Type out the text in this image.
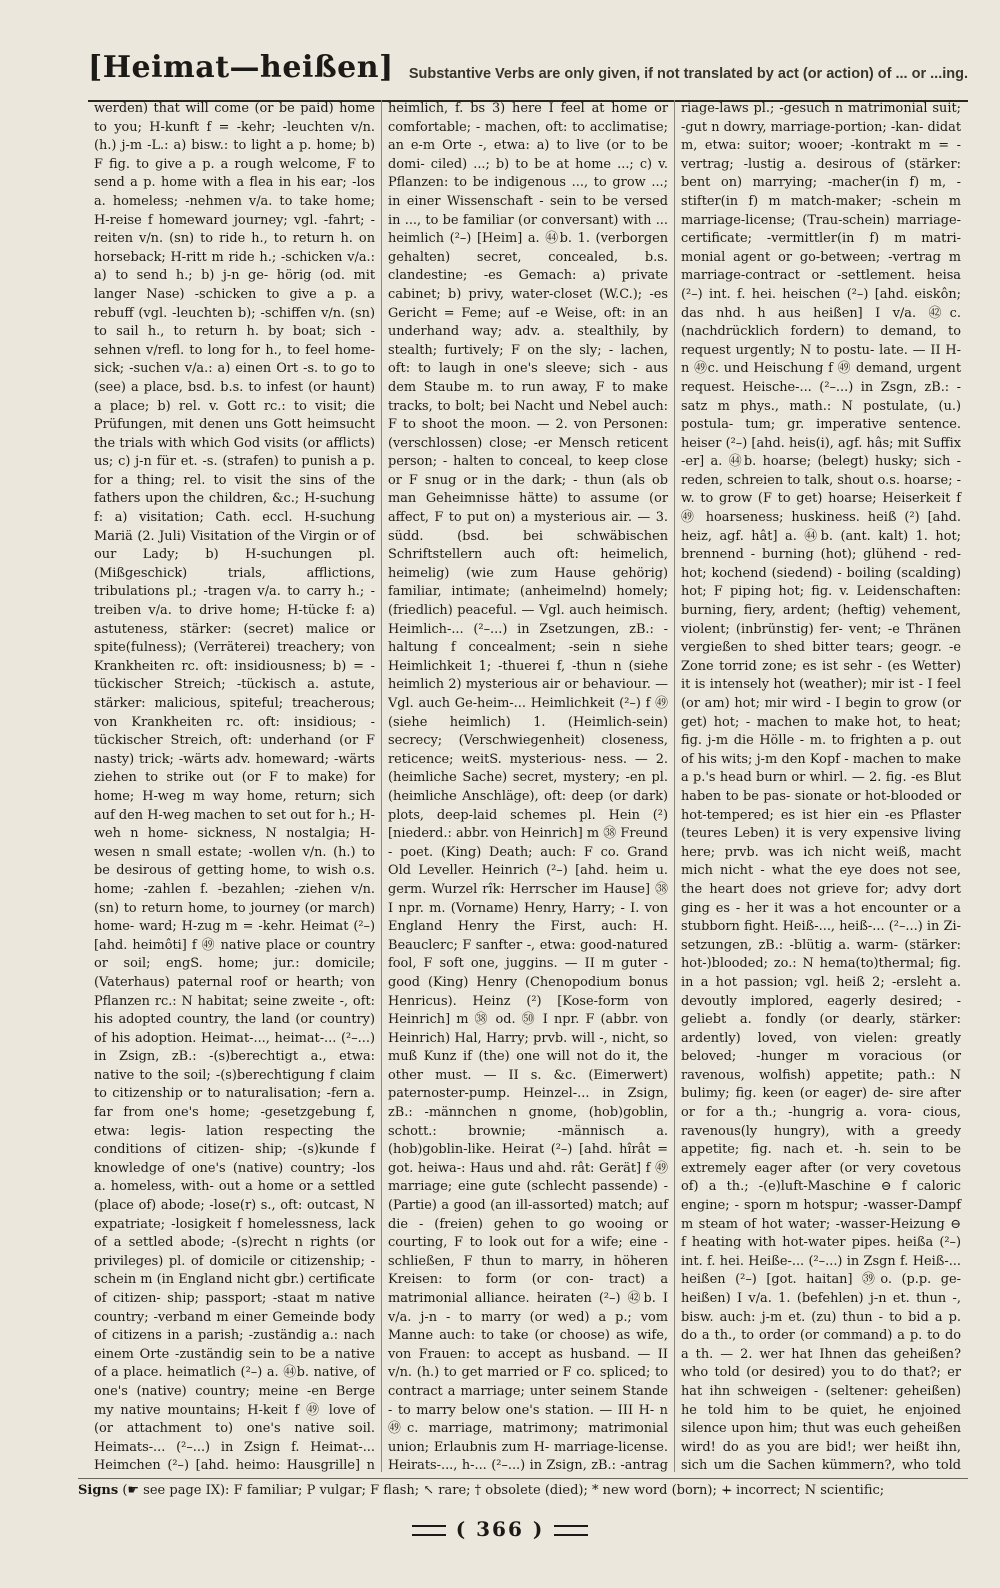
[Heimat—heißen] Substantive Verbs are only given, if not translated by act (or action) of ... or ...ing.

werden) that will come (or be paid) home to you; H-kunft f = -kehr; -leuchten v/n. (h.) j-m -L.: a) bisw.: to light a p. home; b) F fig. to give a p. a rough welcome, F to send a p. home with a flea in his ear; -los a. homeless; -nehmen v/a. to take home; H-reise f homeward journey; vgl. -fahrt; -reiten v/n. (sn) to ride h., to return h. on horseback; H-ritt m ride h.; -schicken v/a.: a) to send h.; b) j-n ge- hörig (od. mit langer Nase) -schicken to give a p. a rebuff (vgl. -leuchten b); -schiffen v/n. (sn) to sail h., to return h. by boat; sich -sehnen v/refl. to long for h., to feel home-sick; -suchen v/a.: a) einen Ort -s. to go to (see) a place, bsd. b.s. to infest (or haunt) a place; b) rel. v. Gott rc.: to visit; die Prüfungen, mit denen uns Gott heimsucht the trials with which God visits (or afflicts) us; c) j-n für et. -s. (strafen) to punish a p. for a thing; rel. to visit the sins of the fathers upon the children, &c.; H-suchung f: a) visitation; Cath. eccl. H-suchung Mariä (2. Juli) Visitation of the Virgin or of our Lady; b) H-suchungen pl. (Mißgeschick) trials, afflictions, tribulations pl.; -tragen v/a. to carry h.; -treiben v/a. to drive home; H-tücke f: a) astuteness, stärker: (secret) malice or spite(fulness); (Verräterei) treachery; von Krankheiten rc. oft: insidiousness; b) = -tückischer Streich; -tückisch a. astute, stärker: malicious, spiteful; treacherous; von Krankheiten rc. oft: insidious; -tückischer Streich, oft: underhand (or F nasty) trick; -wärts adv. homeward; -wärts ziehen to strike out (or F to make) for home; H-weg m way home, return; sich auf den H-weg machen to set out for h.; H-weh n home- sickness, N nostalgia; H-wesen n small estate; -wollen v/n. (h.) to be desirous of getting home, to wish o.s. home; -zahlen f. -bezahlen; -ziehen v/n. (sn) to return home, to journey (or march) home- ward; H-zug m = -kehr. Heimat (²–) [ahd. heimôti] f ㊾ native place or country or soil; engS. home; jur.: domicile; (Vaterhaus) paternal roof or hearth; von Pflanzen rc.: N habitat; seine zweite -, oft: his adopted country, the land (or country) of his adoption. Heimat-..., heimat-... (²–...) in Zsign, zB.: -(s)berechtigt a., etwa: native to the soil; -(s)berechtigung f claim to citizenship or to naturalisation; -fern a. far from one's home; -gesetzgebung f, etwa: legis- lation respecting the conditions of citizen- ship; -(s)kunde f knowledge of one's (native) country; -los a. homeless, with- out a home or a settled (place of) abode; -lose(r) s., oft: outcast, N expatriate; -losigkeit f homelessness, lack of a settled abode; -(s)recht n rights (or privileges) pl. of domicile or citizenship; -schein m (in England nicht gbr.) certificate of citizen- ship; passport; -staat m native country; -verband m einer Gemeinde body of citizens in a parish; -zuständig a.: nach einem Orte -zuständig sein to be a native of a place. heimatlich (²–) a. ㊹b. native, of one's (native) country; meine -en Berge my native mountains; H-keit f ㊾ love of (or attachment to) one's native soil. Heimats-... (²–...) in Zsign f. Heimat-... Heimchen (²–) [ahd. heimo: Hausgrille] n

heimlich, f. bs 3) here I feel at home or comfortable; - machen, oft: to acclimatise; an e-m Orte -, etwa: a) to live (or to be domi- ciled) ...; b) to be at home ...; c) v. Pflanzen: to be indigenous ..., to grow ...; in einer Wissenschaft - sein to be versed in ..., to be familiar (or conversant) with ... heimlich (²–) [Heim] a. ㊹b. 1. (verborgen gehalten) secret, concealed, b.s. clandestine; -es Gemach: a) private cabinet; b) privy, water-closet (W.C.); -es Gericht = Feme; auf -e Weise, oft: in an underhand way; adv. a. stealthily, by stealth; furtively; F on the sly; - lachen, oft: to laugh in one's sleeve; sich - aus dem Staube m. to run away, F to make tracks, to bolt; bei Nacht und Nebel auch: F to shoot the moon. — 2. von Personen: (verschlossen) close; -er Mensch reticent person; - halten to conceal, to keep close or F snug or in the dark; - thun (als ob man Geheimnisse hätte) to assume (or affect, F to put on) a mysterious air. — 3. südd. (bsd. bei schwäbischen Schriftstellern auch oft: heimelich, heimelig) (wie zum Hause gehörig) familiar, intimate; (anheimelnd) homely; (friedlich) peaceful. — Vgl. auch heimisch. Heimlich-... (²–...) in Zsetzungen, zB.: -haltung f concealment; -sein n siehe Heimlichkeit 1; -thuerei f, -thun n (siehe heimlich 2) mysterious air or behaviour. — Vgl. auch Ge-heim-... Heimlichkeit (²–) f ㊾ (siehe heimlich) 1. (Heimlich-sein) secrecy; (Verschwiegenheit) closeness, reticence; weitS. mysterious- ness. — 2. (heimliche Sache) secret, mystery; -en pl. (heimliche Anschläge), oft: deep (or dark) plots, deep-laid schemes pl. Hein (²) [niederd.: abbr. von Heinrich] m ㊳ Freund - poet. (King) Death; auch: F co. Grand Old Leveller. Heinrich (²–) [ahd. heim u. germ. Wurzel rîk: Herrscher im Hause] ㊳ I npr. m. (Vorname) Henry, Harry; - I. von England Henry the First, auch: H. Beauclerc; F sanfter -, etwa: good-natured fool, F soft one, juggins. — II m guter - good (King) Henry (Chenopodium bonus Henricus). Heinz (²) [Kose-form von Heinrich] m ㊳ od. ㊿ I npr. F (abbr. von Heinrich) Hal, Harry; prvb. will -, nicht, so muß Kunz if (the) one will not do it, the other must. — II s. &c. (Eimerwert) paternoster-pump. Heinzel-... in Zsign, zB.: -männchen n gnome, (hob)goblin, schott.: brownie; -männisch a. (hob)goblin-like. Heirat (²–) [ahd. hîrât = got. heiwa-: Haus und ahd. rât: Gerät] f ㊾ marriage; eine gute (schlecht passende) - (Partie) a good (an ill-assorted) match; auf die - (freien) gehen to go wooing or courting, F to look out for a wife; eine - schließen, F thun to marry, in höheren Kreisen: to form (or con- tract) a matrimonial alliance. heiraten (²–) ㊷b. I v/a. j-n - to marry (or wed) a p.; vom Manne auch: to take (or choose) as wife, von Frauen: to accept as husband. — II v/n. (h.) to get married or F co. spliced; to contract a marriage; unter seinem Stande - to marry below one's station. — III H- n ㊾c. marriage, matrimony; matrimonial union; Erlaubnis zum H- marriage-license. Heirats-..., h-... (²–...) in Zsign, zB.: -antrag

riage-laws pl.; -gesuch n matrimonial suit; -gut n dowry, marriage-portion; -kan- didat m, etwa: suitor; wooer; -kontrakt m = -vertrag; -lustig a. desirous of (stärker: bent on) marrying; -macher(in f) m, -stifter(in f) m match-maker; -schein m marriage-license; (Trau-schein) marriage- certificate; -vermittler(in f) m matri- monial agent or go-between; -vertrag m marriage-contract or -settlement. heisa (²–) int. f. hei. heischen (²–) [ahd. eiskôn; das nhd. h aus heißen] I v/a. ㊷c. (nachdrücklich fordern) to demand, to request urgently; N to postu- late. — II H- n ㊾c. und Heischung f ㊾ demand, urgent request. Heische-... (²–...) in Zsgn, zB.: -satz m phys., math.: N postulate, (u.) postula- tum; gr. imperative sentence. heiser (²–) [ahd. heis(i), agf. hâs; mit Suffix -er] a. ㊹b. hoarse; (belegt) husky; sich - reden, schreien to talk, shout o.s. hoarse; - w. to grow (F to get) hoarse; Heiserkeit f ㊾ hoarseness; huskiness. heiß (²) [ahd. heiz, agf. hât] a. ㊹b. (ant. kalt) 1. hot; brennend - burning (hot); glühend - red-hot; kochend (siedend) - boiling (scalding) hot; F piping hot; fig. v. Leidenschaften: burning, fiery, ardent; (heftig) vehement, violent; (inbrünstig) fer- vent; -e Thränen vergießen to shed bitter tears; geogr. -e Zone torrid zone; es ist sehr - (es Wetter) it is intensely hot (weather); mir ist - I feel (or am) hot; mir wird - I begin to grow (or get) hot; - machen to make hot, to heat; fig. j-m die Hölle - m. to frighten a p. out of his wits; j-m den Kopf - machen to make a p.'s head burn or whirl. — 2. fig. -es Blut haben to be pas- sionate or hot-blooded or hot-tempered; es ist hier ein -es Pflaster (teures Leben) it is very expensive living here; prvb. was ich nicht weiß, macht mich nicht - what the eye does not see, the heart does not grieve for; advy dort ging es - her it was a hot encounter or a stubborn fight. Heiß-..., heiß-... (²–...) in Zi-setzungen, zB.: -blütig a. warm- (stärker: hot-)blooded; zo.: N hema(to)thermal; fig. in a hot passion; vgl. heiß 2; -ersleht a. devoutly implored, eagerly desired; -geliebt a. fondly (or dearly, stärker: ardently) loved, von vielen: greatly beloved; -hunger m voracious (or ravenous, wolfish) appetite; path.: N bulimy; fig. keen (or eager) de- sire after or for a th.; -hungrig a. vora- cious, ravenous(ly hungry), with a greedy appetite; fig. nach et. -h. sein to be extremely eager after (or very covetous of) a th.; -(e)luft-Maschine ⊖ f caloric engine; - sporn m hotspur; -wasser-Dampf m steam of hot water; -wasser-Heizung ⊖ f heating with hot-water pipes. heißa (²–) int. f. hei. Heiße-... (²–...) in Zsgn f. Heiß-... heißen (²–) [got. haitan] ㊴o. (p.p. ge- heißen) I v/a. 1. (befehlen) j-n et. thun -, bisw. auch: j-m et. (zu) thun - to bid a p. do a th., to order (or command) a p. to do a th. — 2. wer hat Ihnen das geheißen? who told (or desired) you to do that?; er hat ihn schweigen - (seltener: geheißen) he told him to be quiet, he enjoined silence upon him; thut was euch geheißen wird! do as you are bid!; wer heißt ihn, sich um die Sachen kümmern?, who told

Signs (☛ see page IX): F familiar; P vulgar; F flash; ↖ rare; † obsolete (died); * new word (born); +̶ incorrect; N scientific;
( 366 )
